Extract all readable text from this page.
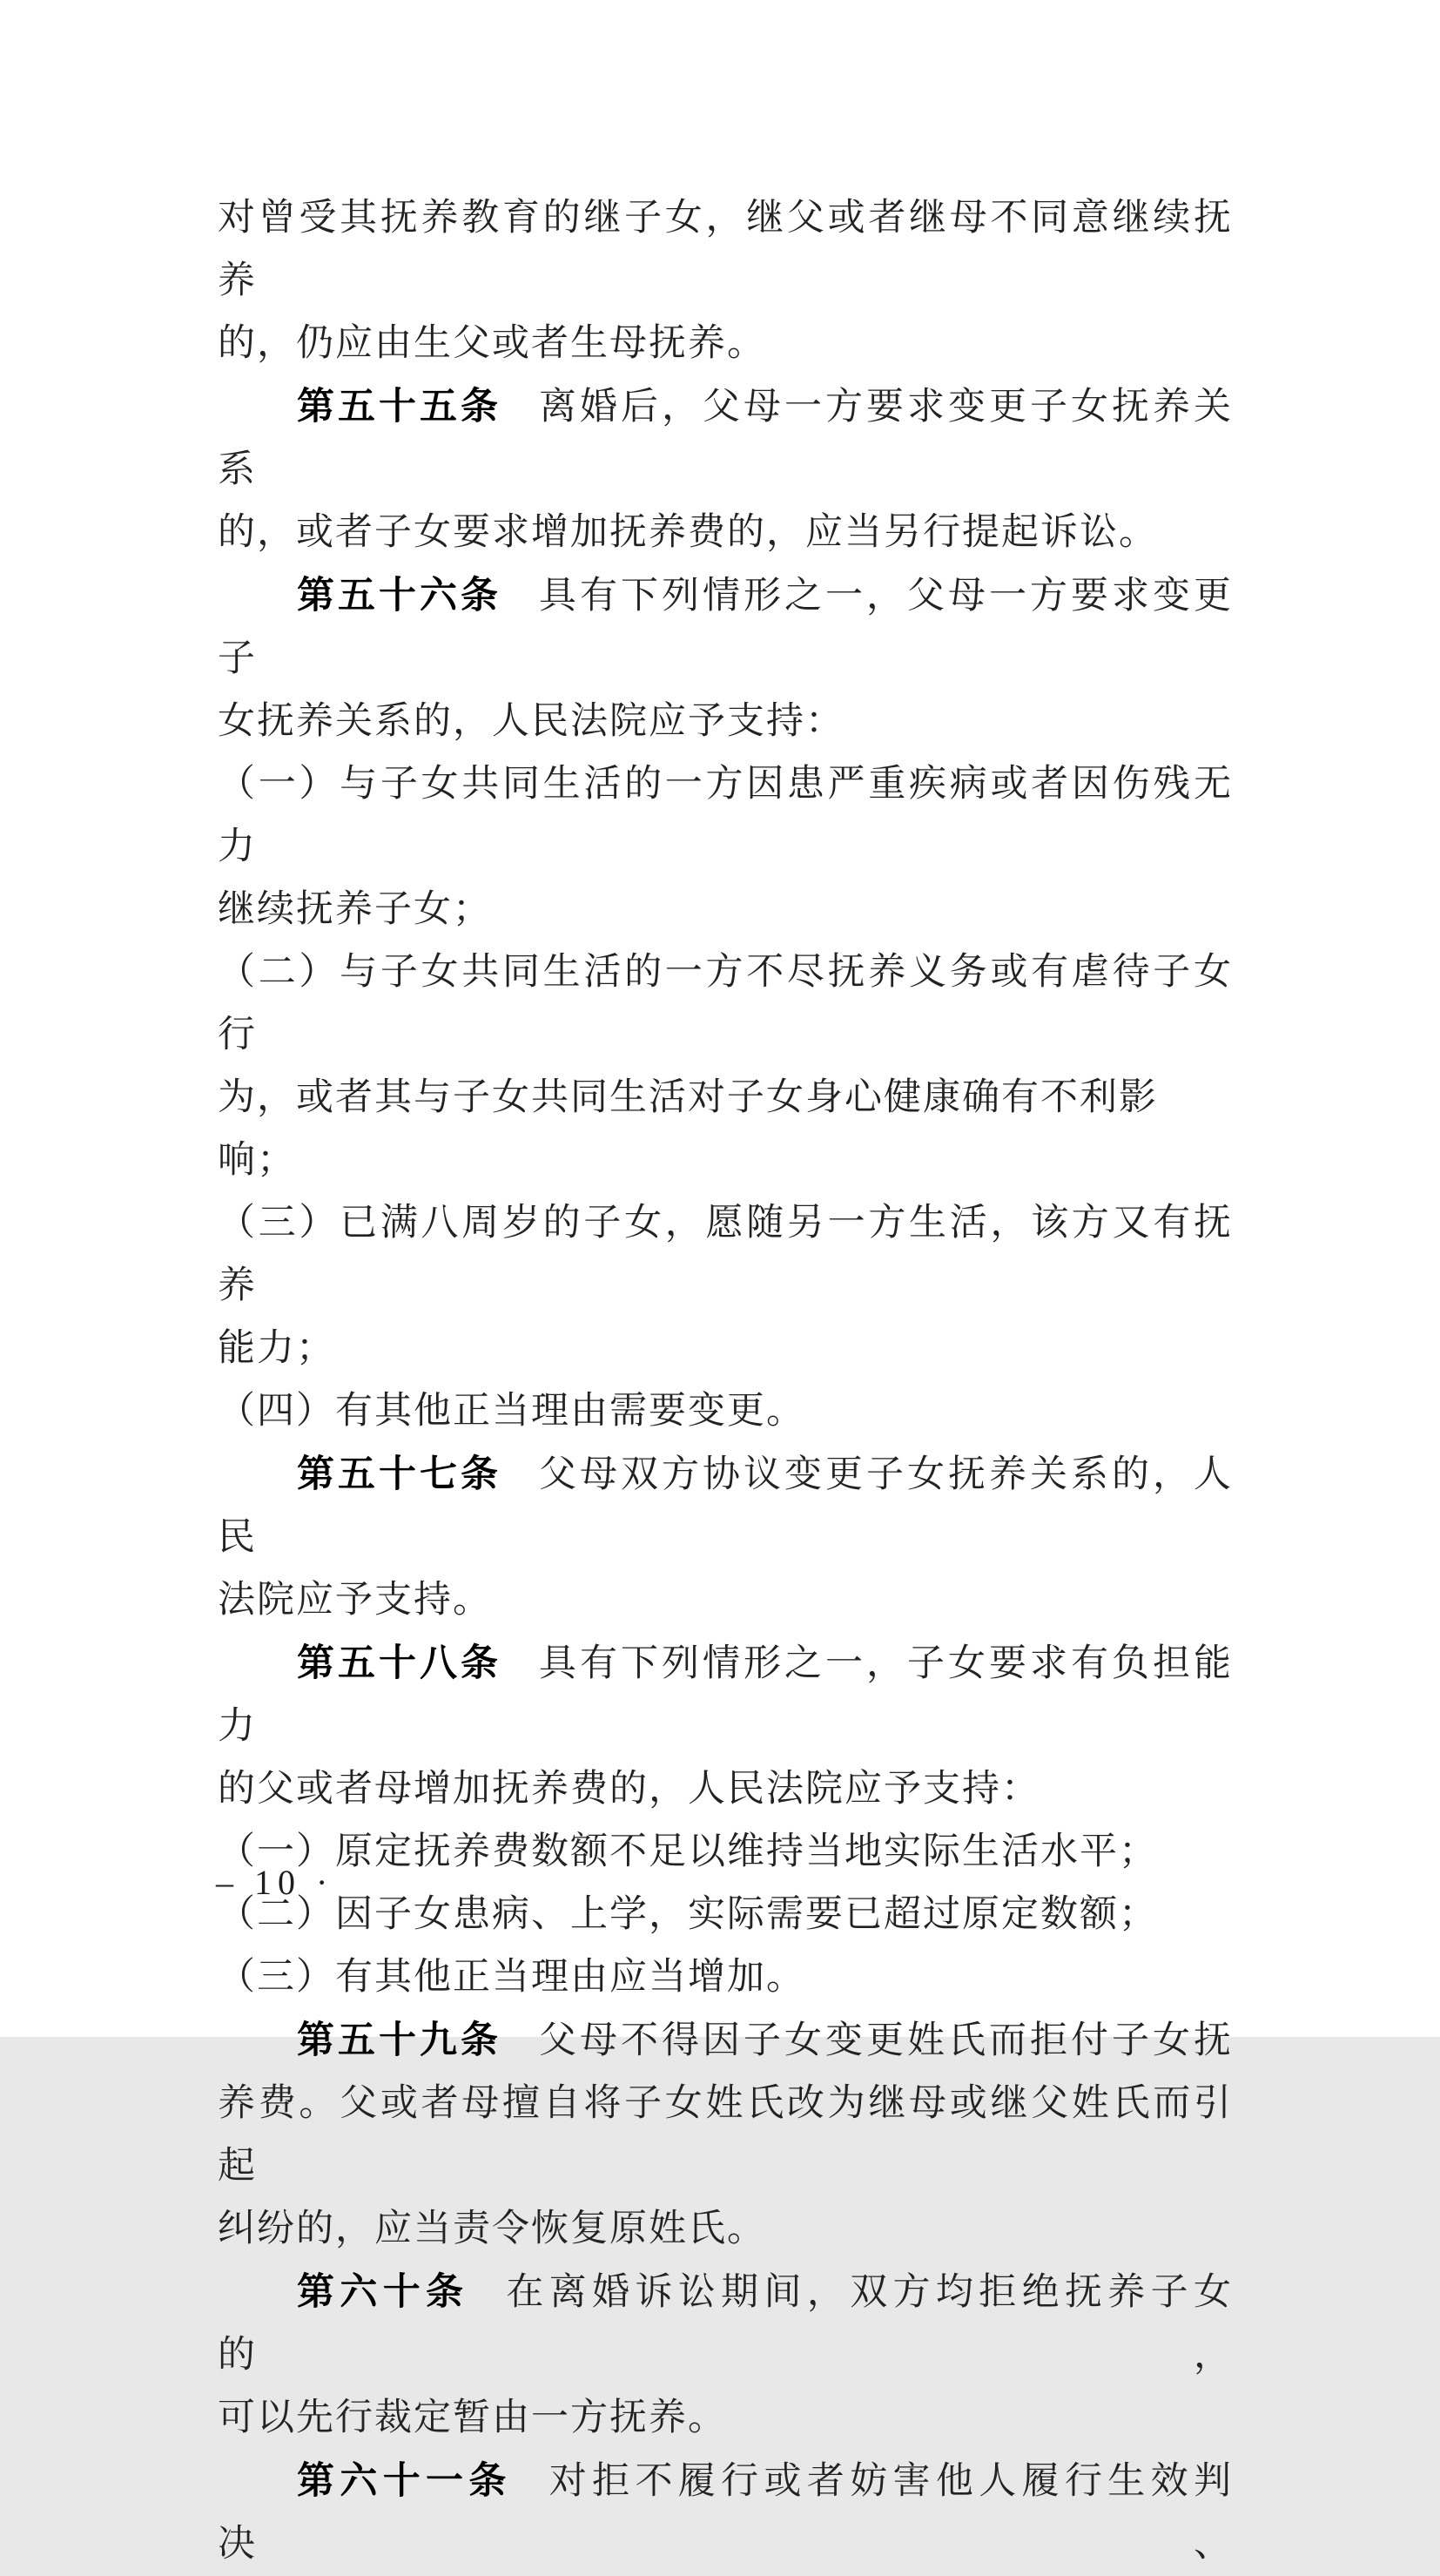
对曾受其抚养教育的继子女，继父或者继母不同意继续抚养
的，仍应由生父或者生母抚养。
第五十五条 离婚后，父母一方要求变更子女抚养关系
的，或者子女要求增加抚养费的，应当另行提起诉讼。
第五十六条 具有下列情形之一，父母一方要求变更子
女抚养关系的，人民法院应予支持：
（一）与子女共同生活的一方因患严重疾病或者因伤残无力
继续抚养子女；
（二）与子女共同生活的一方不尽抚养义务或有虐待子女行
为，或者其与子女共同生活对子女身心健康确有不利影响；
（三）已满八周岁的子女，愿随另一方生活，该方又有抚养
能力；
（四）有其他正当理由需要变更。
第五十七条 父母双方协议变更子女抚养关系的，人民
法院应予支持。
第五十八条 具有下列情形之一，子女要求有负担能力
的父或者母增加抚养费的，人民法院应予支持：
（一）原定抚养费数额不足以维持当地实际生活水平；
（二）因子女患病、上学，实际需要已超过原定数额；
（三）有其他正当理由应当增加。
第五十九条 父母不得因子女变更姓氏而拒付子女抚
养费。父或者母擅自将子女姓氏改为继母或继父姓氏而引起
纠纷的，应当责令恢复原姓氏。
第六十条 在离婚诉讼期间，双方均拒绝抚养子女的，
可以先行裁定暂由一方抚养。
第六十一条 对拒不履行或者妨害他人履行生效判决、
– 10 ·
